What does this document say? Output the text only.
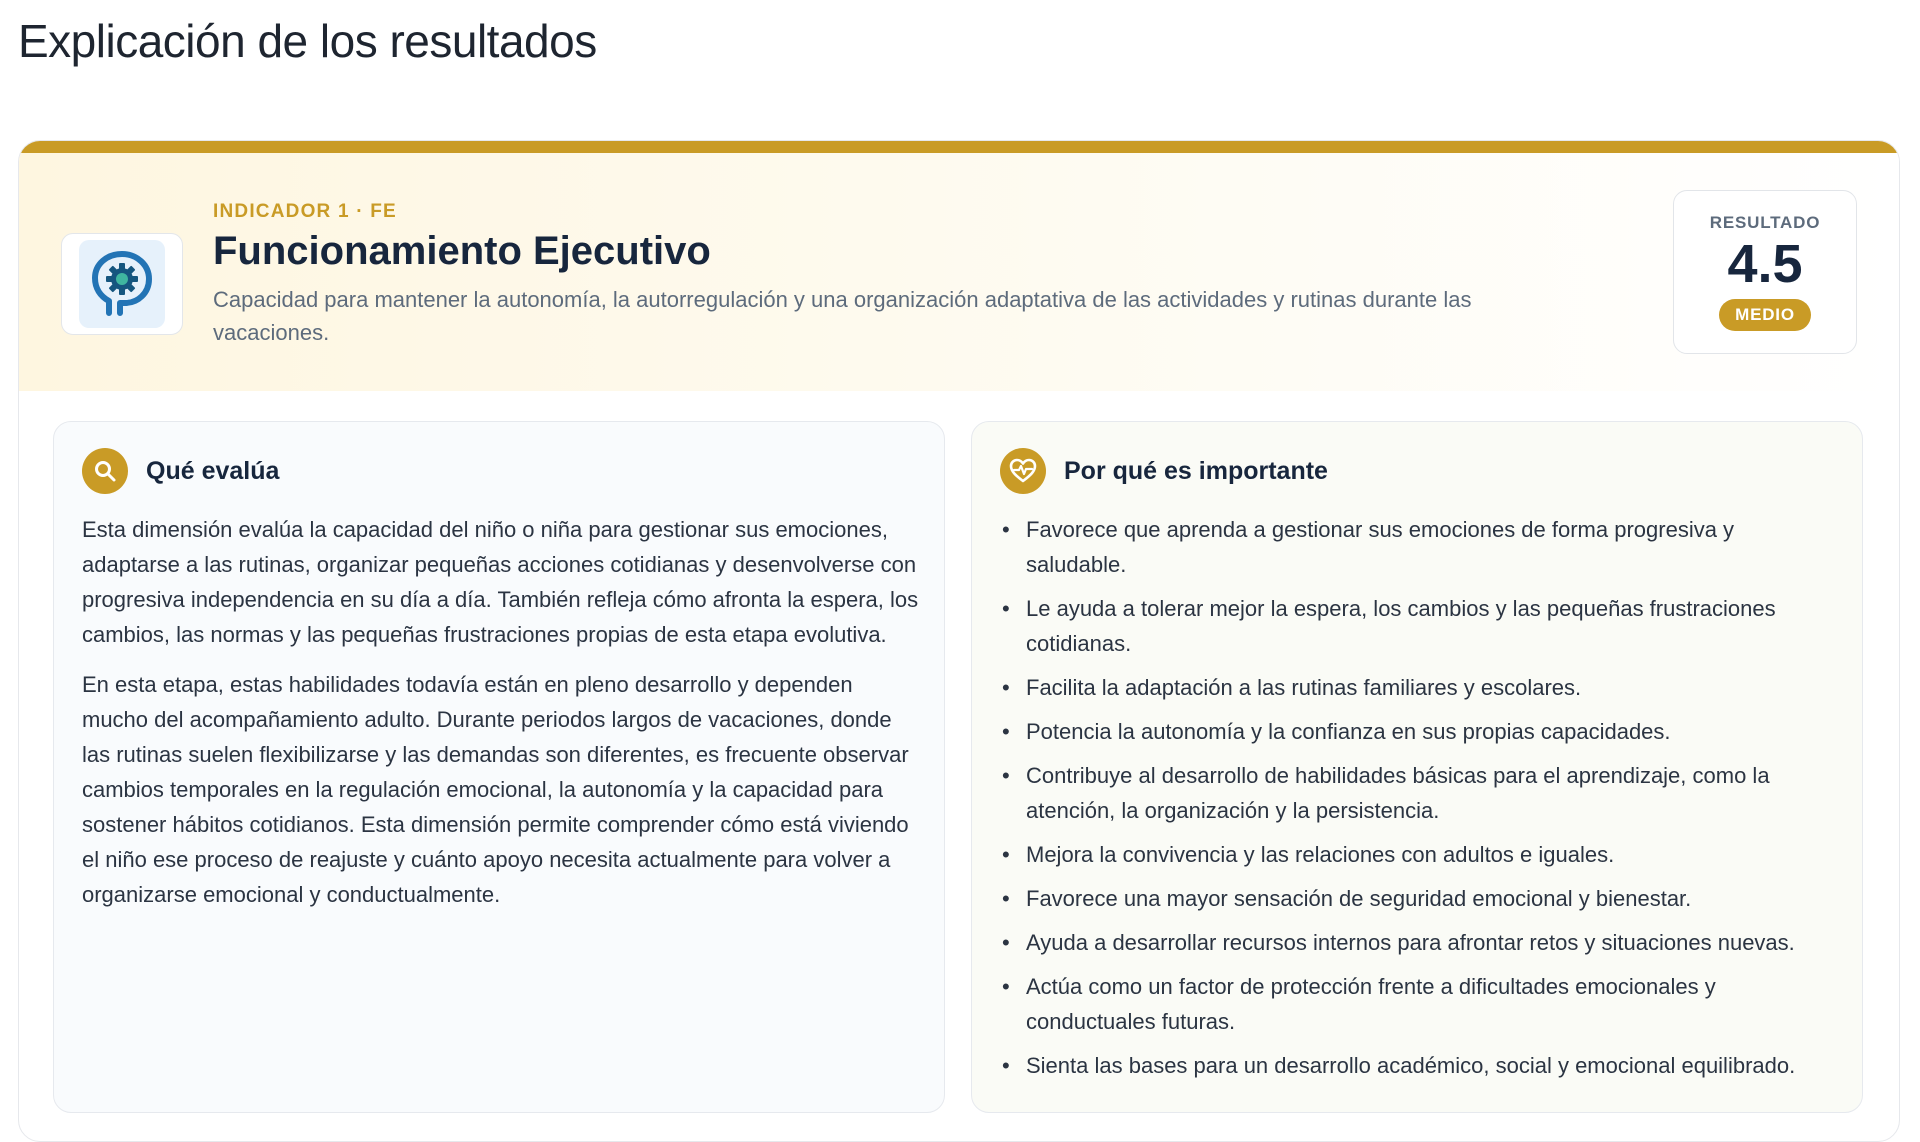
Explicación de los resultados
INDICADOR 1 · FE
Funcionamiento Ejecutivo
Capacidad para mantener la autonomía, la autorregulación y una organización adaptativa de las actividades y rutinas durante las vacaciones.
RESULTADO
4.5
MEDIO
Qué evalúa

Esta dimensión evalúa la capacidad del niño o niña para gestionar sus emociones, adaptarse a las rutinas, organizar pequeñas acciones cotidianas y desenvolverse con progresiva independencia en su día a día. También refleja cómo afronta la espera, los cambios, las normas y las pequeñas frustraciones propias de esta etapa evolutiva.

En esta etapa, estas habilidades todavía están en pleno desarrollo y dependen mucho del acompañamiento adulto. Durante periodos largos de vacaciones, donde las rutinas suelen flexibilizarse y las demandas son diferentes, es frecuente observar cambios temporales en la regulación emocional, la autonomía y la capacidad para sostener hábitos cotidianos. Esta dimensión permite comprender cómo está viviendo el niño ese proceso de reajuste y cuánto apoyo necesita actualmente para volver a organizarse emocional y conductualmente.

Por qué es importante
• Favorece que aprenda a gestionar sus emociones de forma progresiva y saludable.
• Le ayuda a tolerar mejor la espera, los cambios y las pequeñas frustraciones cotidianas.
• Facilita la adaptación a las rutinas familiares y escolares.
• Potencia la autonomía y la confianza en sus propias capacidades.
• Contribuye al desarrollo de habilidades básicas para el aprendizaje, como la atención, la organización y la persistencia.
• Mejora la convivencia y las relaciones con adultos e iguales.
• Favorece una mayor sensación de seguridad emocional y bienestar.
• Ayuda a desarrollar recursos internos para afrontar retos y situaciones nuevas.
• Actúa como un factor de protección frente a dificultades emocionales y conductuales futuras.
• Sienta las bases para un desarrollo académico, social y emocional equilibrado.
